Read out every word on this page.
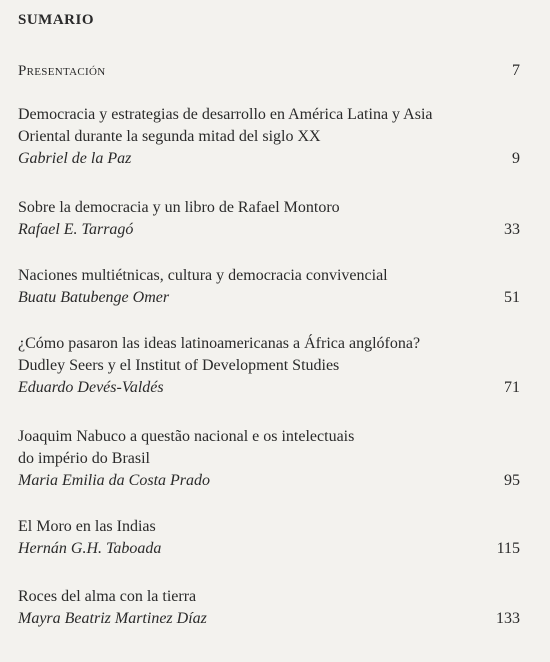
SUMARIO
Presentación	7
Democracia y estrategias de desarrollo en América Latina y Asia
Oriental durante la segunda mitad del siglo XX
Gabriel de la Paz	9
Sobre la democracia y un libro de Rafael Montoro
Rafael E. Tarragó	33
Naciones multiétnicas, cultura y democracia convivencial
Buatu Batubenge Omer	51
¿Cómo pasaron las ideas latinoamericanas a África anglófona?
Dudley Seers y el Institut of Development Studies
Eduardo Devés-Valdés	71
Joaquim Nabuco a questão nacional e os intelectuais
do império do Brasil
Maria Emilia da Costa Prado	95
El Moro en las Indias
Hernán G.H. Taboada	115
Roces del alma con la tierra
Mayra Beatriz Martinez Díaz	133
